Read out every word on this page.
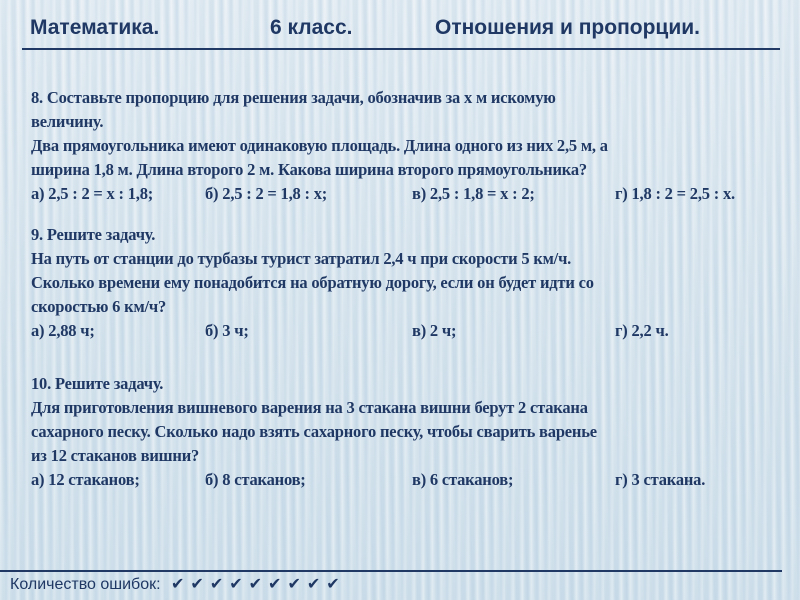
Математика.	6 класс.	Отношения и пропорции.
8. Составьте пропорцию для решения задачи, обозначив за х м искомую
величину.
Два прямоугольника имеют одинаковую площадь. Длина одного из них 2,5 м, а
ширина 1,8 м. Длина второго 2 м. Какова ширина второго прямоугольника?
а) 2,5 : 2 = х : 1,8;	б) 2,5 : 2 = 1,8 : х;	в) 2,5 : 1,8 = х : 2;	г) 1,8 : 2 = 2,5 : х.
9. Решите задачу.
На путь от станции до турбазы турист затратил 2,4 ч при скорости 5 км/ч.
Сколько времени ему понадобится на обратную дорогу, если он будет идти со
скоростью 6 км/ч?
а) 2,88 ч;	б) 3 ч;	в) 2 ч;	г) 2,2 ч.
10. Решите задачу.
Для приготовления вишневого варения на 3 стакана вишни берут 2 стакана
сахарного песку. Сколько надо взять сахарного песку, чтобы сварить варенье
из 12 стаканов вишни?
а) 12 стаканов;	б) 8 стаканов;	в) 6 стаканов;	г) 3 стакана.
Количество ошибок: ✔✔✔✔✔✔✔✔✔
